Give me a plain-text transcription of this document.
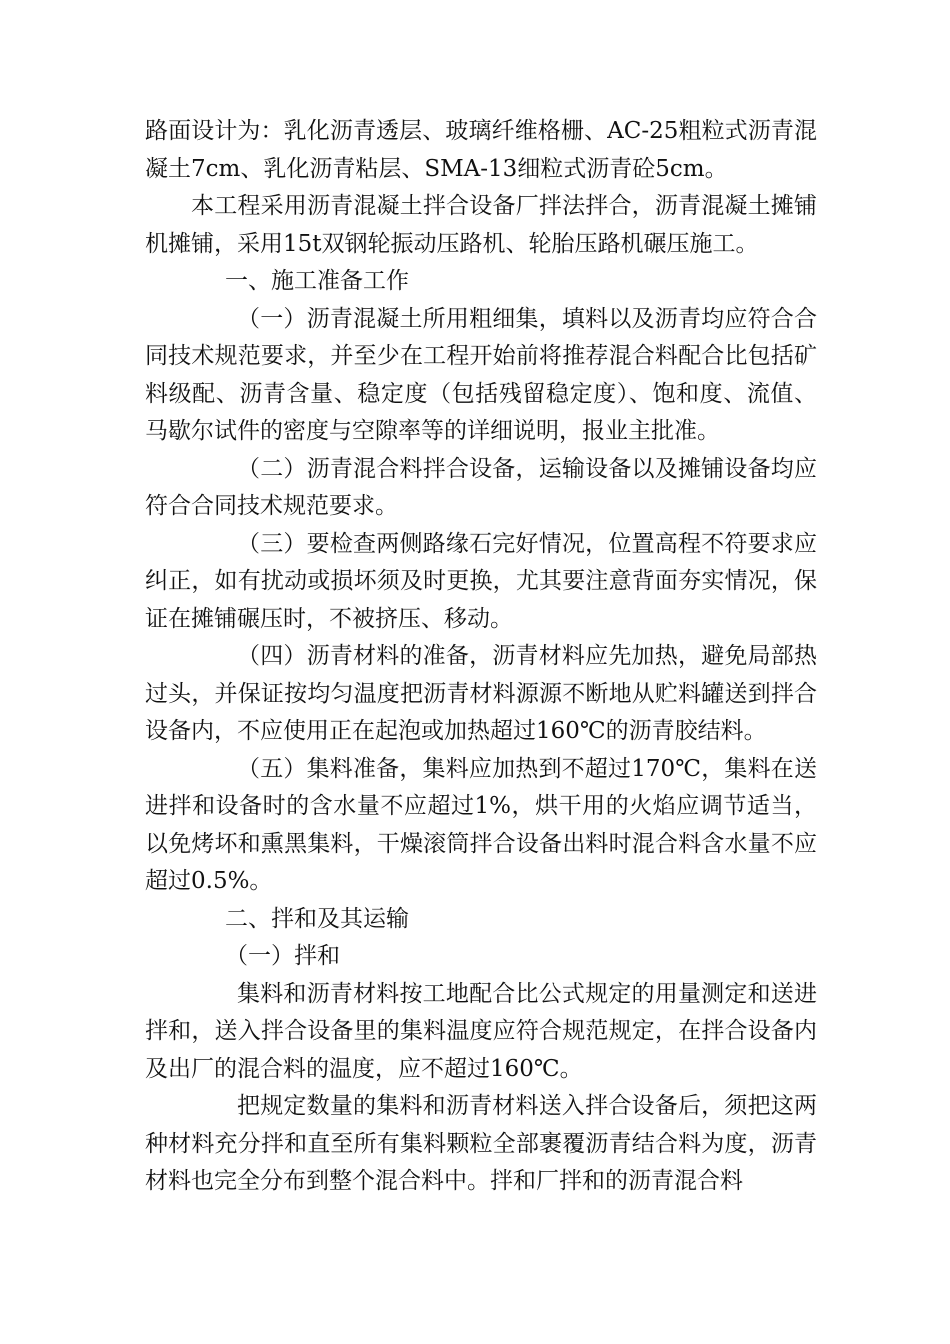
路面设计为：乳化沥青透层、玻璃纤维格栅、AC-25粗粒式沥青混凝土7cm、乳化沥青粘层、SMA-13细粒式沥青砼5cm。

本工程采用沥青混凝土拌合设备厂拌法拌合，沥青混凝土摊铺机摊铺，采用15t双钢轮振动压路机、轮胎压路机碾压施工。

一、施工准备工作

（一）沥青混凝土所用粗细集，填料以及沥青均应符合合同技术规范要求，并至少在工程开始前将推荐混合料配合比包括矿料级配、沥青含量、稳定度（包括残留稳定度）、饱和度、流值、马歇尔试件的密度与空隙率等的详细说明，报业主批准。

（二）沥青混合料拌合设备，运输设备以及摊铺设备均应符合合同技术规范要求。

（三）要检查两侧路缘石完好情况，位置高程不符要求应纠正，如有扰动或损坏须及时更换，尤其要注意背面夯实情况，保证在摊铺碾压时，不被挤压、移动。

（四）沥青材料的准备，沥青材料应先加热，避免局部热过头，并保证按均匀温度把沥青材料源源不断地从贮料罐送到拌合设备内，不应使用正在起泡或加热超过160℃的沥青胶结料。

（五）集料准备，集料应加热到不超过170℃，集料在送进拌和设备时的含水量不应超过1%，烘干用的火焰应调节适当，以免烤坏和熏黑集料，干燥滚筒拌合设备出料时混合料含水量不应超过0.5%。

二、拌和及其运输

（一）拌和

集料和沥青材料按工地配合比公式规定的用量测定和送进拌和，送入拌合设备里的集料温度应符合规范规定，在拌合设备内及出厂的混合料的温度，应不超过160℃。

把规定数量的集料和沥青材料送入拌合设备后，须把这两种材料充分拌和直至所有集料颗粒全部裹覆沥青结合料为度，沥青材料也完全分布到整个混合料中。拌和厂拌和的沥青混合料
